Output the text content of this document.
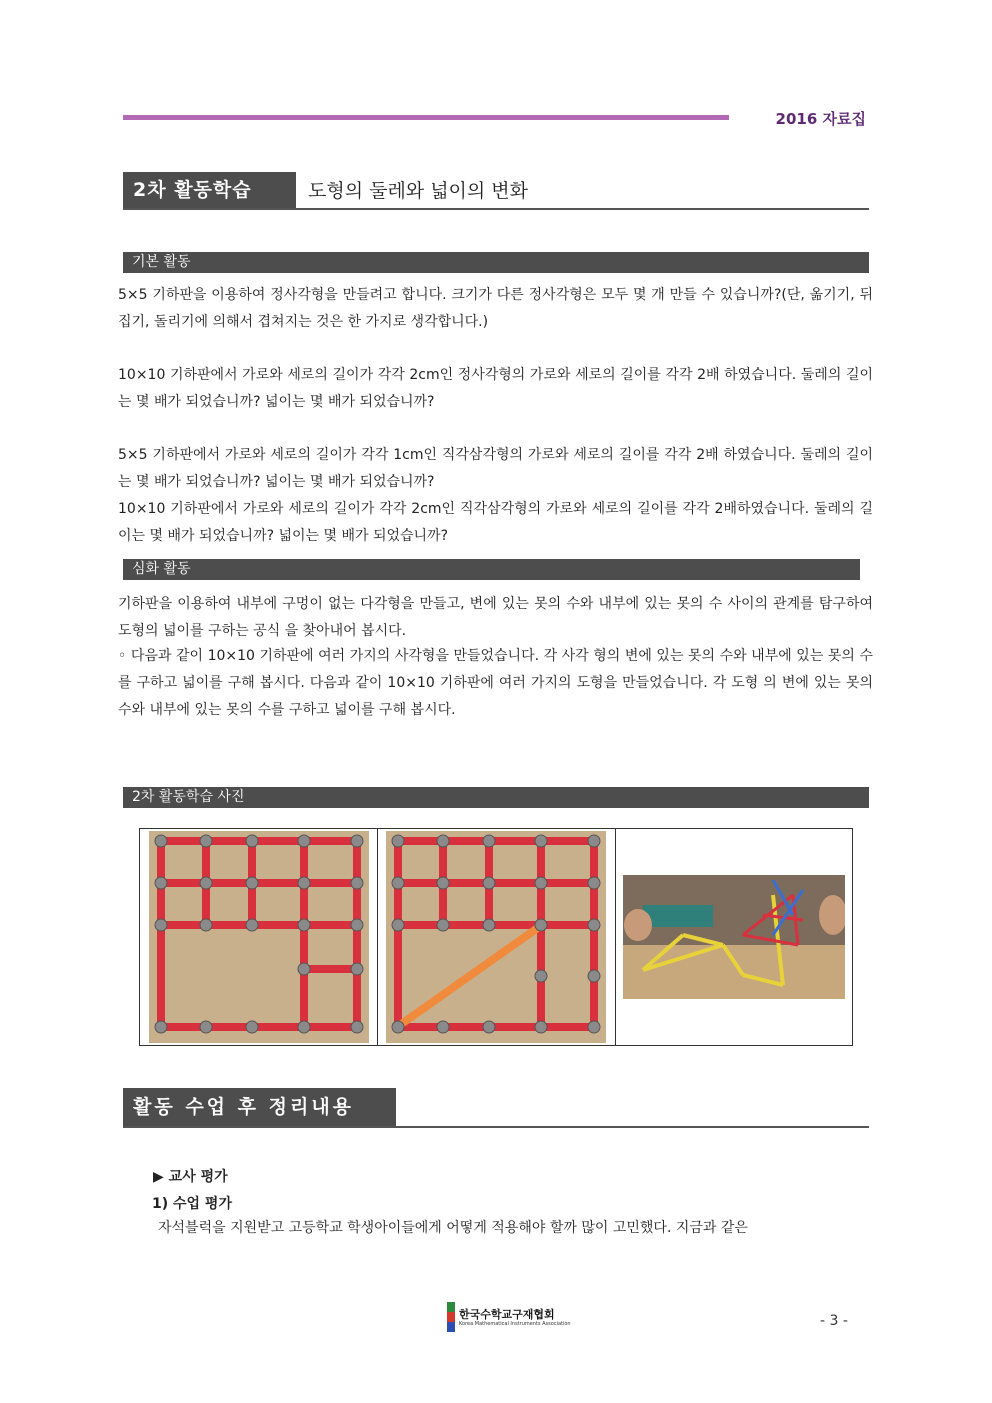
2016 자료집
2차 활동학습	도형의 둘레와 넓이의 변화
기본 활동
5×5 기하판을 이용하여 정사각형을 만들려고 합니다. 크기가 다른 정사각형은 모두 몇 개 만들 수 있습니까?(단, 옮기기, 뒤집기, 돌리기에 의해서 겹쳐지는 것은 한 가지로 생각합니다.)
10×10 기하판에서 가로와 세로의 길이가 각각 2cm인 정사각형의 가로와 세로의 길이를 각각 2배 하였습니다. 둘레의 길이는 몇 배가 되었습니까? 넓이는 몇 배가 되었습니까?
5×5 기하판에서 가로와 세로의 길이가 각각 1cm인 직각삼각형의 가로와 세로의 길이를 각각 2배 하였습니다. 둘레의 길이는 몇 배가 되었습니까? 넓이는 몇 배가 되었습니까?
10×10 기하판에서 가로와 세로의 길이가 각각 2cm인 직각삼각형의 가로와 세로의 길이를 각각 2배하였습니다. 둘레의 길이는 몇 배가 되었습니까? 넓이는 몇 배가 되었습니까?
심화 활동
기하판을 이용하여 내부에 구멍이 없는 다각형을 만들고, 변에 있는 못의 수와 내부에 있는 못의 수 사이의 관계를 탐구하여 도형의 넓이를 구하는 공식 을 찾아내어 봅시다.
◦ 다음과 같이 10×10 기하판에 여러 가지의 사각형을 만들었습니다. 각 사각 형의 변에 있는 못의 수와 내부에 있는 못의 수를 구하고 넓이를 구해 봅시다. 다음과 같이 10×10 기하판에 여러 가지의 도형을 만들었습니다. 각 도형 의 변에 있는 못의 수와 내부에 있는 못의 수를 구하고 넓이를 구해 봅시다.
2차 활동학습 사진
활동 수업 후 정리내용
▶ 교사 평가
1) 수업 평가
자석블럭을 지원받고 고등학교 학생아이들에게 어떻게 적용해야 할까 많이 고민했다. 지금과 같은
한국수학교구재협회
Korea Mathematical Instruments Association	- 3 -
